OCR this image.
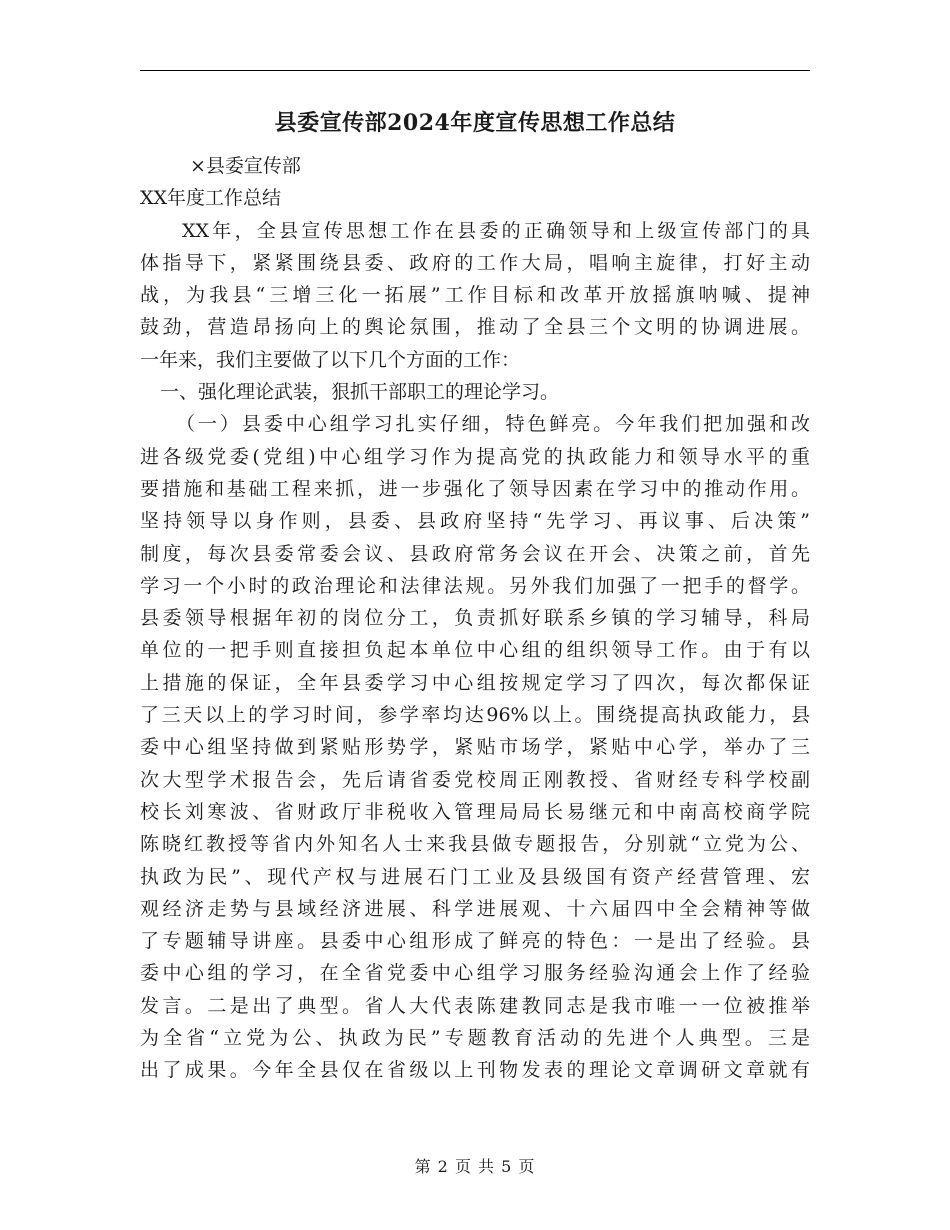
县委宣传部2024年度宣传思想工作总结
×县委宣传部
XX年度工作总结
XX年，全县宣传思想工作在县委的正确领导和上级宣传部门的具
体指导下，紧紧围绕县委、政府的工作大局，唱响主旋律，打好主动
战，为我县“三增三化一拓展”工作目标和改革开放摇旗呐喊、提神
鼓劲，营造昂扬向上的舆论氛围，推动了全县三个文明的协调进展。
一年来，我们主要做了以下几个方面的工作：
一、强化理论武装，狠抓干部职工的理论学习。
（一）县委中心组学习扎实仔细，特色鲜亮。今年我们把加强和改
进各级党委(党组)中心组学习作为提高党的执政能力和领导水平的重
要措施和基础工程来抓，进一步强化了领导因素在学习中的推动作用。
坚持领导以身作则，县委、县政府坚持“先学习、再议事、后决策”
制度，每次县委常委会议、县政府常务会议在开会、决策之前，首先
学习一个小时的政治理论和法律法规。另外我们加强了一把手的督学。
县委领导根据年初的岗位分工，负责抓好联系乡镇的学习辅导，科局
单位的一把手则直接担负起本单位中心组的组织领导工作。由于有以
上措施的保证，全年县委学习中心组按规定学习了四次，每次都保证
了三天以上的学习时间，参学率均达96%以上。围绕提高执政能力，县
委中心组坚持做到紧贴形势学，紧贴市场学，紧贴中心学，举办了三
次大型学术报告会，先后请省委党校周正刚教授、省财经专科学校副
校长刘寒波、省财政厅非税收入管理局局长易继元和中南高校商学院
陈晓红教授等省内外知名人士来我县做专题报告，分别就“立党为公、
执政为民”、现代产权与进展石门工业及县级国有资产经营管理、宏
观经济走势与县域经济进展、科学进展观、十六届四中全会精神等做
了专题辅导讲座。县委中心组形成了鲜亮的特色：一是出了经验。县
委中心组的学习，在全省党委中心组学习服务经验沟通会上作了经验
发言。二是出了典型。省人大代表陈建教同志是我市唯一一位被推举
为全省“立党为公、执政为民”专题教育活动的先进个人典型。三是
出了成果。今年全县仅在省级以上刊物发表的理论文章调研文章就有
第 2 页 共 5 页
